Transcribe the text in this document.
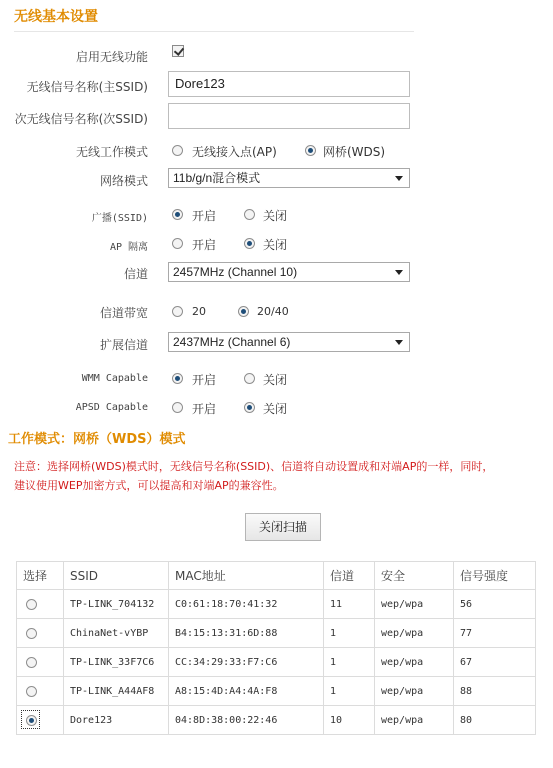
无线基本设置
启用无线功能
无线信号名称(主SSID)	Dore123
次无线信号名称(次SSID)
无线工作模式	无线接入点(AP)	网桥(WDS)
网络模式	11b/g/n混合模式
广播(SSID)	开启	关闭
AP 隔离	开启	关闭
信道	2457MHz (Channel 10)
信道带宽	20	20/40
扩展信道	2437MHz (Channel 6)
WMM Capable	开启	关闭
APSD Capable	开启	关闭
工作模式：网桥（WDS）模式
注意：选择网桥(WDS)模式时，无线信号名称(SSID)、信道将自动设置成和对端AP的一样，同时，
建议使用WEP加密方式，可以提高和对端AP的兼容性。
关闭扫描
选择	SSID	MAC地址	信道	安全	信号强度

	TP-LINK_704132	C0:61:18:70:41:32	11	wep/wpa	56

	ChinaNet-vYBP	B4:15:13:31:6D:88	1	wep/wpa	77

	TP-LINK_33F7C6	CC:34:29:33:F7:C6	1	wep/wpa	67

	TP-LINK_A44AF8	A8:15:4D:A4:4A:F8	1	wep/wpa	88

	Dore123	04:8D:38:00:22:46	10	wep/wpa	80
